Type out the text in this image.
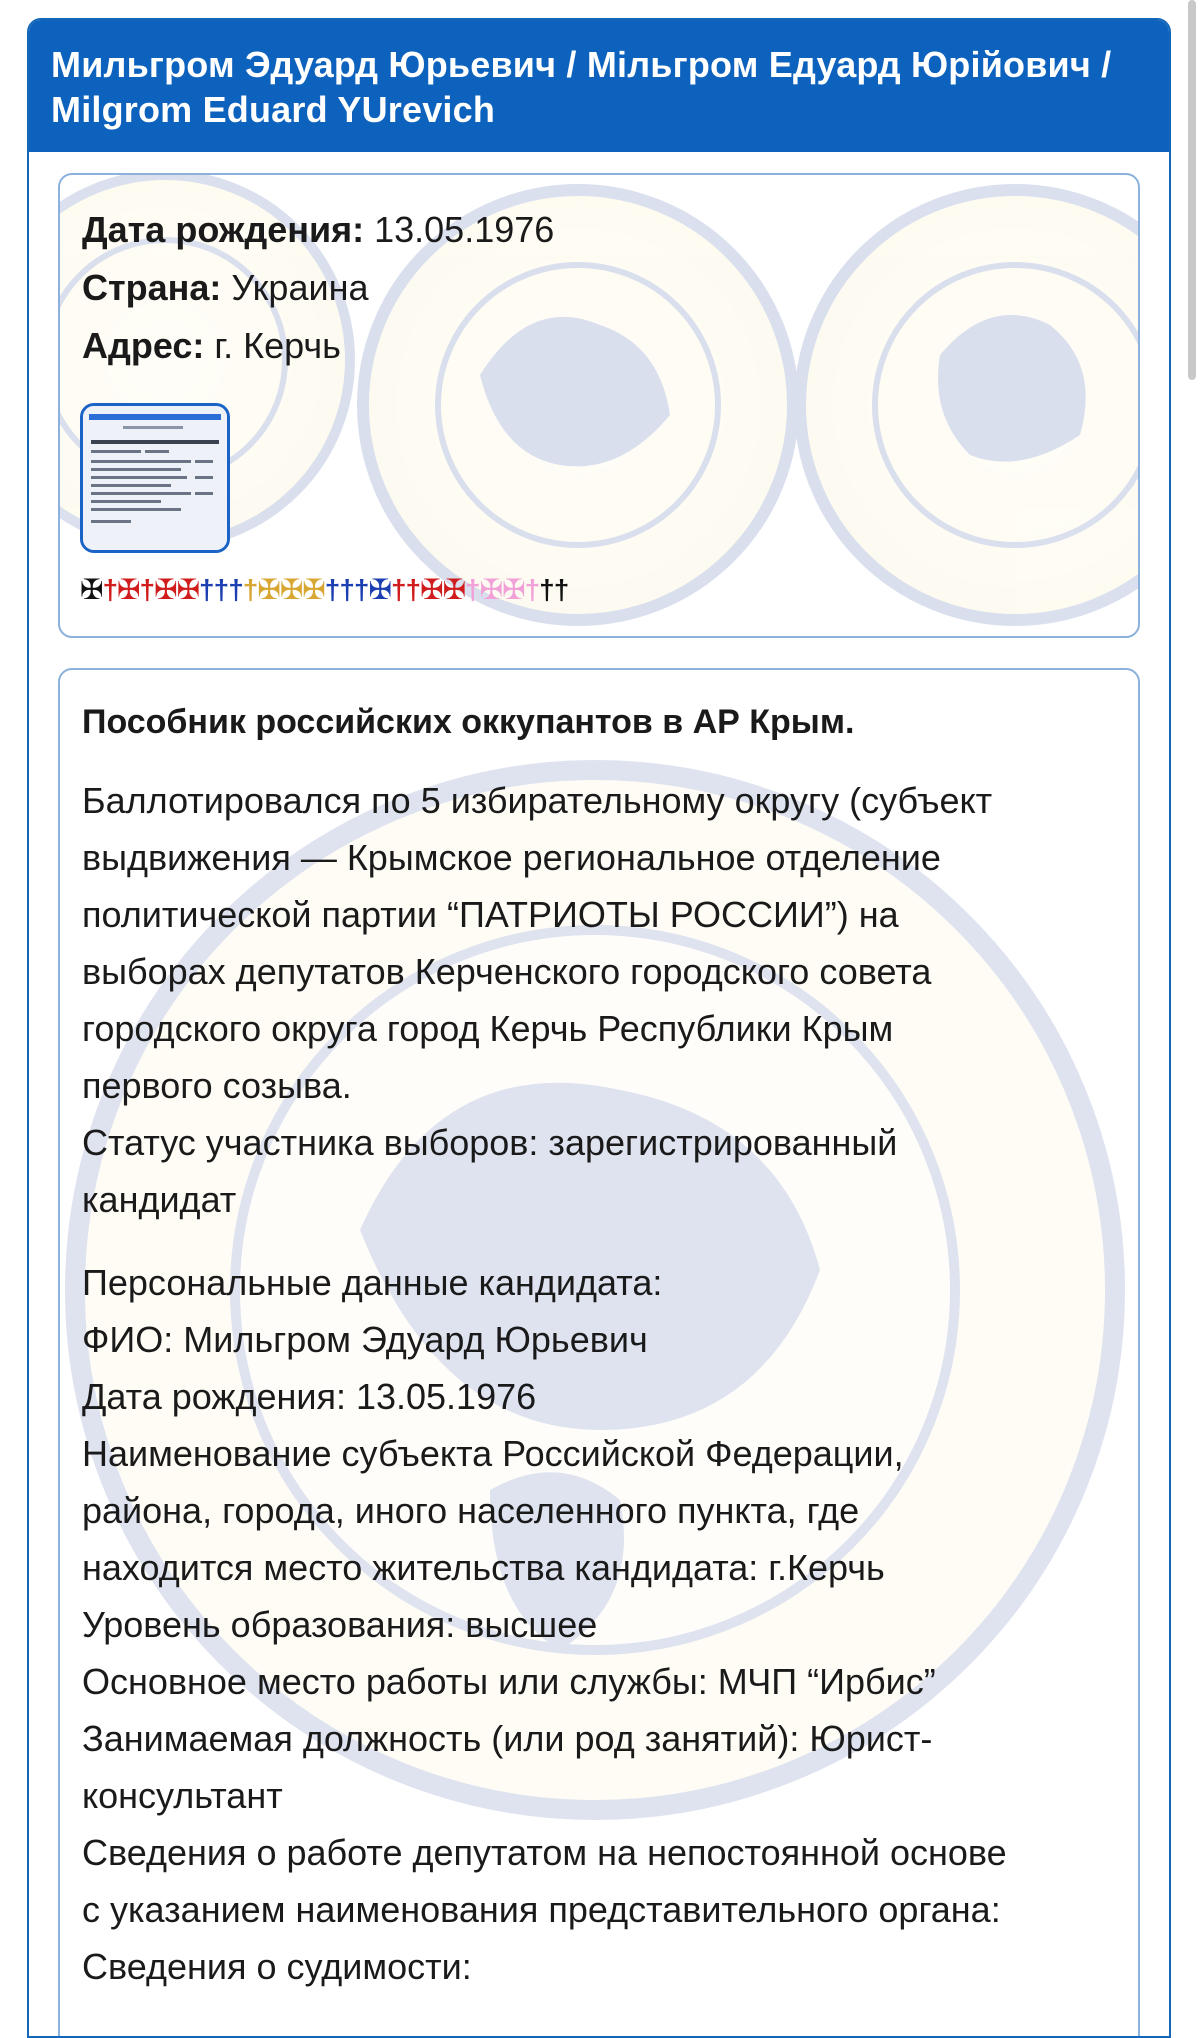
Мильгром Эдуард Юрьевич / Мільгром Едуард Юрійович / Milgrom Eduard YUrevich
Дата рождения: 13.05.1976
Страна: Украина
Адрес: г. Керчь
✠†✠†✠✠††††✠✠✠†††✠††✠✠†✠✠†††
Пособник российских оккупантов в АР Крым.
Баллотировался по 5 избирательному округу (субъект
выдвижения — Крымское региональное отделение
политической партии “ПАТРИОТЫ РОССИИ”) на
выборах депутатов Керченского городского совета
городского округа город Керчь Республики Крым
первого созыва.
Статус участника выборов: зарегистрированный
кандидат
Персональные данные кандидата:
ФИО: Мильгром Эдуард Юрьевич
Дата рождения: 13.05.1976
Наименование субъекта Российской Федерации,
района, города, иного населенного пункта, где
находится место жительства кандидата: г.Керчь
Уровень образования: высшее
Основное место работы или службы: МЧП “Ирбис”
Занимаемая должность (или род занятий): Юрист-
консультант
Сведения о работе депутатом на непостоянной основе
с указанием наименования представительного органа:
Сведения о судимости:
